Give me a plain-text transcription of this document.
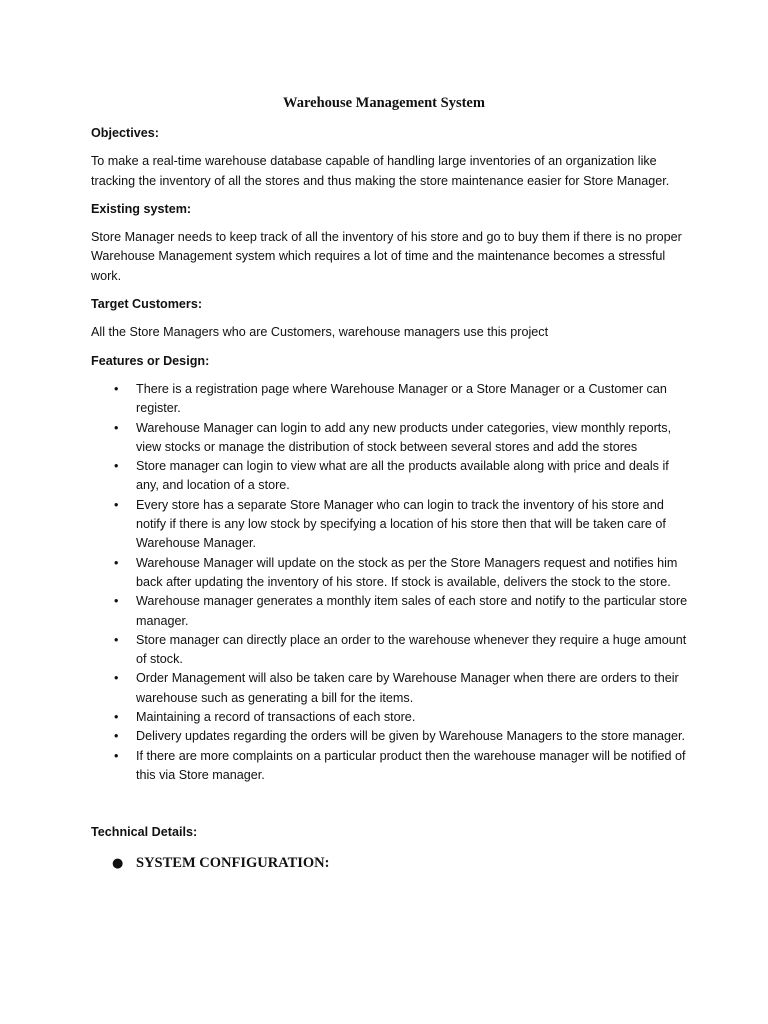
Warehouse Management System
Objectives:

To make a real-time warehouse database capable of handling large inventories of an organization like tracking the inventory of all the stores and thus making the store maintenance easier for Store Manager.

Existing system:

Store Manager needs to keep track of all the inventory of his store and go to buy them if there is no proper Warehouse Management system which requires a lot of time and the maintenance becomes a stressful work.

Target Customers:

All the Store Managers who are Customers, warehouse managers use this project

Features or Design:
• There is a registration page where Warehouse Manager or a Store Manager or a Customer can register.
• Warehouse Manager can login to add any new products under categories, view monthly reports, view stocks or manage the distribution of stock between several stores and add the stores
• Store manager can login to view what are all the products available along with price and deals if any, and location of a store.
• Every store has a separate Store Manager who can login to track the inventory of his store and notify if there is any low stock by specifying a location of his store then that will be taken care of Warehouse Manager.
• Warehouse Manager will update on the stock as per the Store Managers request and notifies him back after updating the inventory of his store. If stock is available, delivers the stock to the store.
• Warehouse manager generates a monthly item sales of each store and notify to the particular store manager.
• Store manager can directly place an order to the warehouse whenever they require a huge amount of stock.
• Order Management will also be taken care by Warehouse Manager when there are orders to their warehouse such as generating a bill for the items.
• Maintaining a record of transactions of each store.
• Delivery updates regarding the orders will be given by Warehouse Managers to the store manager.
• If there are more complaints on a particular product then the warehouse manager will be notified of this via Store manager.
Technical Details:
● SYSTEM CONFIGURATION:
